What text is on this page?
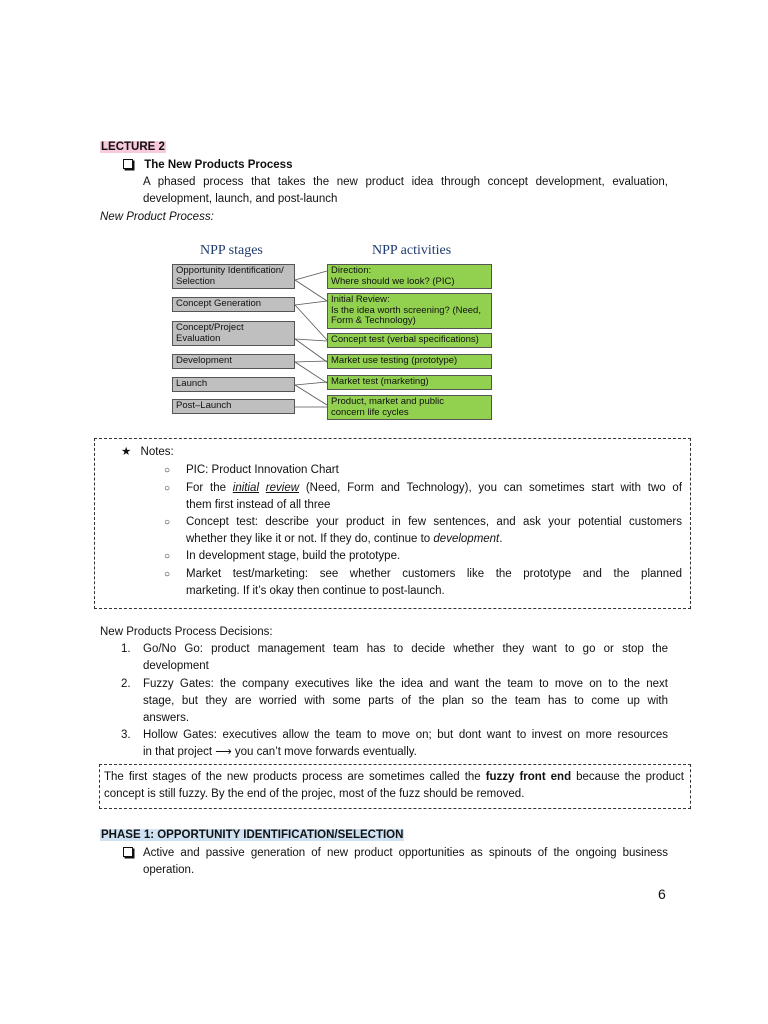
LECTURE 2
The New Products Process
A phased process that takes the new product idea through concept development, evaluation,
development, launch, and post-launch
New Product Process:
NPP stages	NPP activities
Opportunity Identification/
Selection
Concept Generation
Concept/Project
Evaluation
Development
Launch
Post–Launch
Direction:
Where should we look? (PIC)
Initial Review:
Is the idea worth screening? (Need,
Form & Technology)
Concept test (verbal specifications)
Market use testing (prototype)
Market test (marketing)
Product, market and public
concern life cycles
★ Notes:
○ PIC: Product Innovation Chart
○ For the initial review (Need, Form and Technology), you can sometimes start with two of
them first instead of all three
○ Concept test: describe your product in few sentences, and ask your potential customers
whether they like it or not. If they do, continue to development.
○ In development stage, build the prototype.
○ Market test/marketing: see whether customers like the prototype and the planned
marketing. If it’s okay then continue to post-launch.
New Products Process Decisions:
1. Go/No Go: product management team has to decide whether they want to go or stop the
development
2. Fuzzy Gates: the company executives like the idea and want the team to move on to the next
stage, but they are worried with some parts of the plan so the team has to come up with
answers.
3. Hollow Gates: executives allow the team to move on; but dont want to invest on more resources
in that project ⟶ you can’t move forwards eventually.
The first stages of the new products process are sometimes called the fuzzy front end because the product
concept is still fuzzy. By the end of the projec, most of the fuzz should be removed.
PHASE 1: OPPORTUNITY IDENTIFICATION/SELECTION
Active and passive generation of new product opportunities as spinouts of the ongoing business
operation.
6
